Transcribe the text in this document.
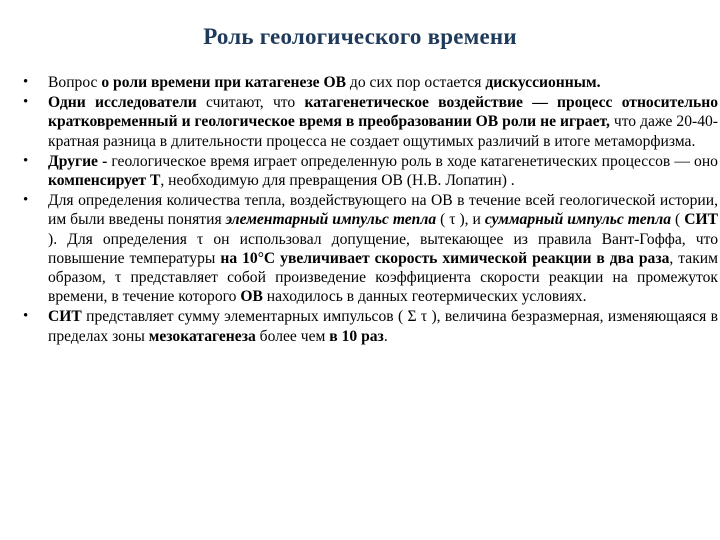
Роль геологического времени
• Вопрос о роли времени при катагенезе ОВ до сих пор остается дискуссионным.
• Одни исследователи считают, что катагенетическое воздействие — процесс относительно кратковременный и геологическое время в преобразовании ОВ роли не играет, что даже 20-40-кратная разница в длительности процесса не создает ощутимых различий в итоге метаморфизма.
• Другие - геологическое время играет определенную роль в ходе катагенетических процессов — оно компенсирует Т, необходимую для превращения ОВ (Н.В. Лопатин) .
• Для определения количества тепла, воздействующего на ОВ в течение всей геологической истории, им были введены понятия элементарный импульс тепла ( τ ), и суммарный импульс тепла ( СИТ ). Для определения τ он использовал допущение, вытекающее из правила Вант-Гоффа, что повышение температуры на 10°С увеличивает скорость химической реакции в два раза, таким образом, τ представляет собой произведение коэффициента скорости реакции на промежуток времени, в течение которого ОВ находилось в данных геотермических условиях.
• СИТ представляет сумму элементарных импульсов ( Σ τ ), величина безразмерная, изменяющаяся в пределах зоны мезокатагенеза более чем в 10 раз.
